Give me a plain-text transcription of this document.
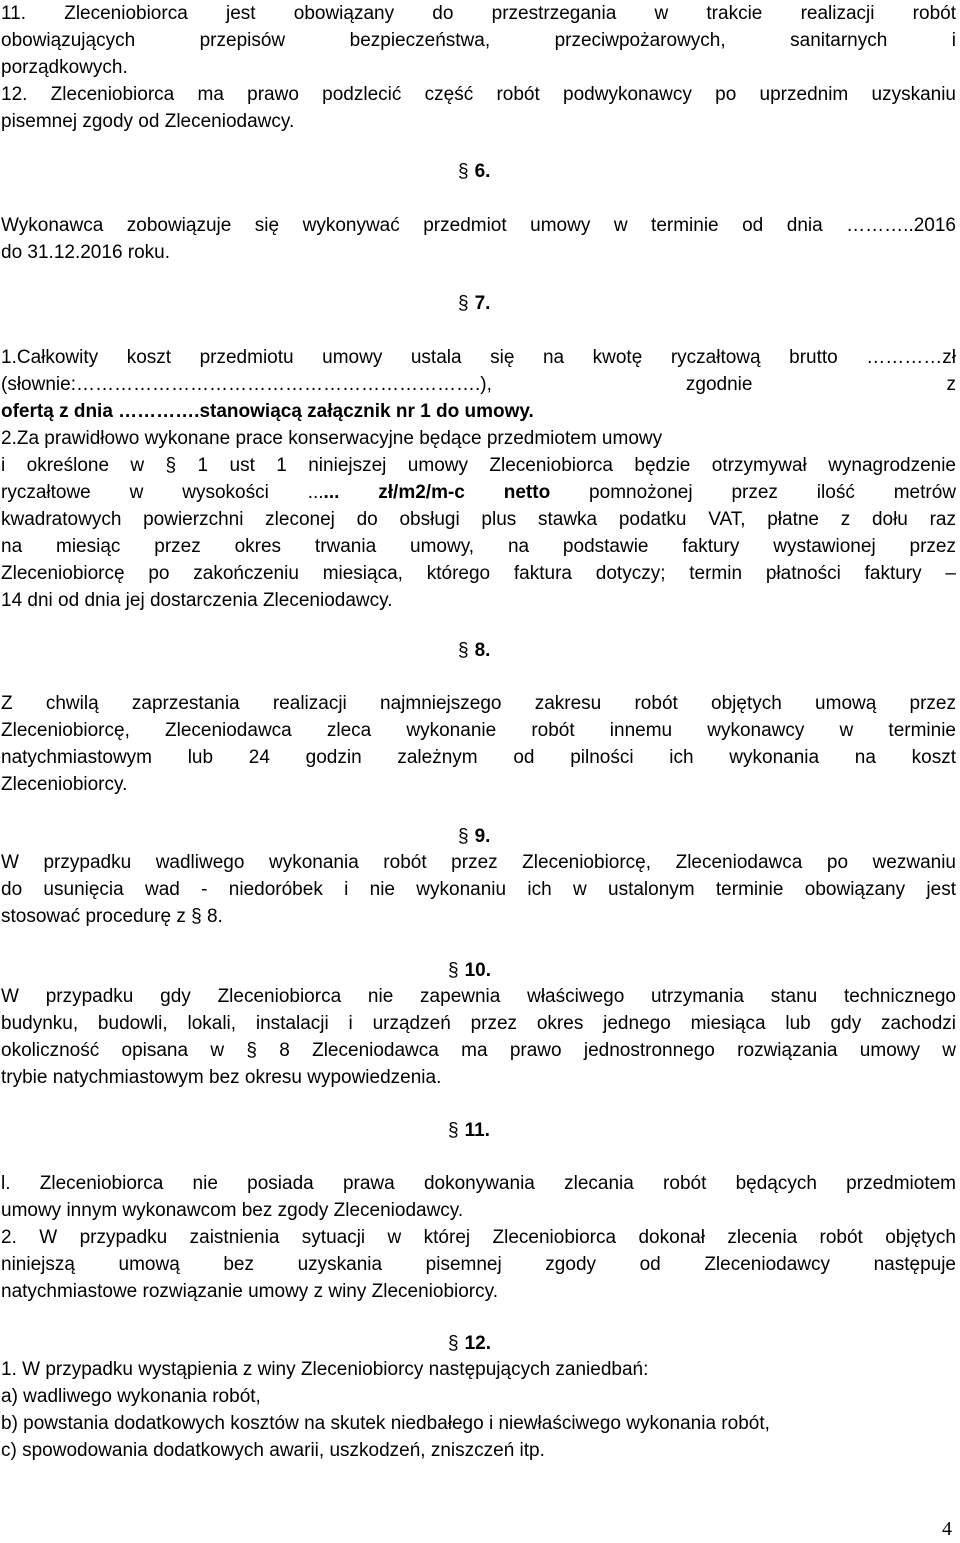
11. Zleceniobiorca jest obowiązany do przestrzegania w trakcie realizacji robót
obowiązujących przepisów bezpieczeństwa, przeciwpożarowych, sanitarnych i
porządkowych.
12. Zleceniobiorca ma prawo podzlecić część robót podwykonawcy po uprzednim uzyskaniu
pisemnej zgody od Zleceniodawcy.
§ 6.
Wykonawca zobowiązuje się wykonywać przedmiot umowy w terminie od dnia ………..2016
do 31.12.2016 roku.
§ 7.
1.Całkowity koszt przedmiotu umowy ustala się na kwotę ryczałtową brutto …………zł
(słownie:……………………………………………………….), zgodnie z
ofertą z dnia ………….stanowiącą załącznik nr 1 do umowy.
2.Za prawidłowo wykonane prace konserwacyjne będące przedmiotem umowy
i określone w § 1 ust 1 niniejszej umowy Zleceniobiorca będzie otrzymywał wynagrodzenie
ryczałtowe w wysokości ...... zł/m2/m-c netto pomnożonej przez ilość metrów
kwadratowych powierzchni zleconej do obsługi plus stawka podatku VAT, płatne z dołu raz
na miesiąc przez okres trwania umowy, na podstawie faktury wystawionej przez
Zleceniobiorcę po zakończeniu miesiąca, którego faktura dotyczy; termin płatności faktury –
14 dni od dnia jej dostarczenia Zleceniodawcy.
§ 8.
Z chwilą zaprzestania realizacji najmniejszego zakresu robót objętych umową przez
Zleceniobiorcę, Zleceniodawca zleca wykonanie robót innemu wykonawcy w terminie
natychmiastowym lub 24 godzin zależnym od pilności ich wykonania na koszt
Zleceniobiorcy.
§ 9.
W przypadku wadliwego wykonania robót przez Zleceniobiorcę, Zleceniodawca po wezwaniu
do usunięcia wad - niedoróbek i nie wykonaniu ich w ustalonym terminie obowiązany jest
stosować procedurę z § 8.
§ 10.
W przypadku gdy Zleceniobiorca nie zapewnia właściwego utrzymania stanu technicznego
budynku, budowli, lokali, instalacji i urządzeń przez okres jednego miesiąca lub gdy zachodzi
okoliczność opisana w § 8 Zleceniodawca ma prawo jednostronnego rozwiązania umowy w
trybie natychmiastowym bez okresu wypowiedzenia.
§ 11.
l. Zleceniobiorca nie posiada prawa dokonywania zlecania robót będących przedmiotem
umowy innym wykonawcom bez zgody Zleceniodawcy.
2. W przypadku zaistnienia sytuacji w której Zleceniobiorca dokonał zlecenia robót objętych
niniejszą umową bez uzyskania pisemnej zgody od Zleceniodawcy następuje
natychmiastowe rozwiązanie umowy z winy Zleceniobiorcy.
§ 12.
1. W przypadku wystąpienia z winy Zleceniobiorcy następujących zaniedbań:
a) wadliwego wykonania robót,
b) powstania dodatkowych kosztów na skutek niedbałego i niewłaściwego wykonania robót,
c) spowodowania dodatkowych awarii, uszkodzeń, zniszczeń itp.
4
